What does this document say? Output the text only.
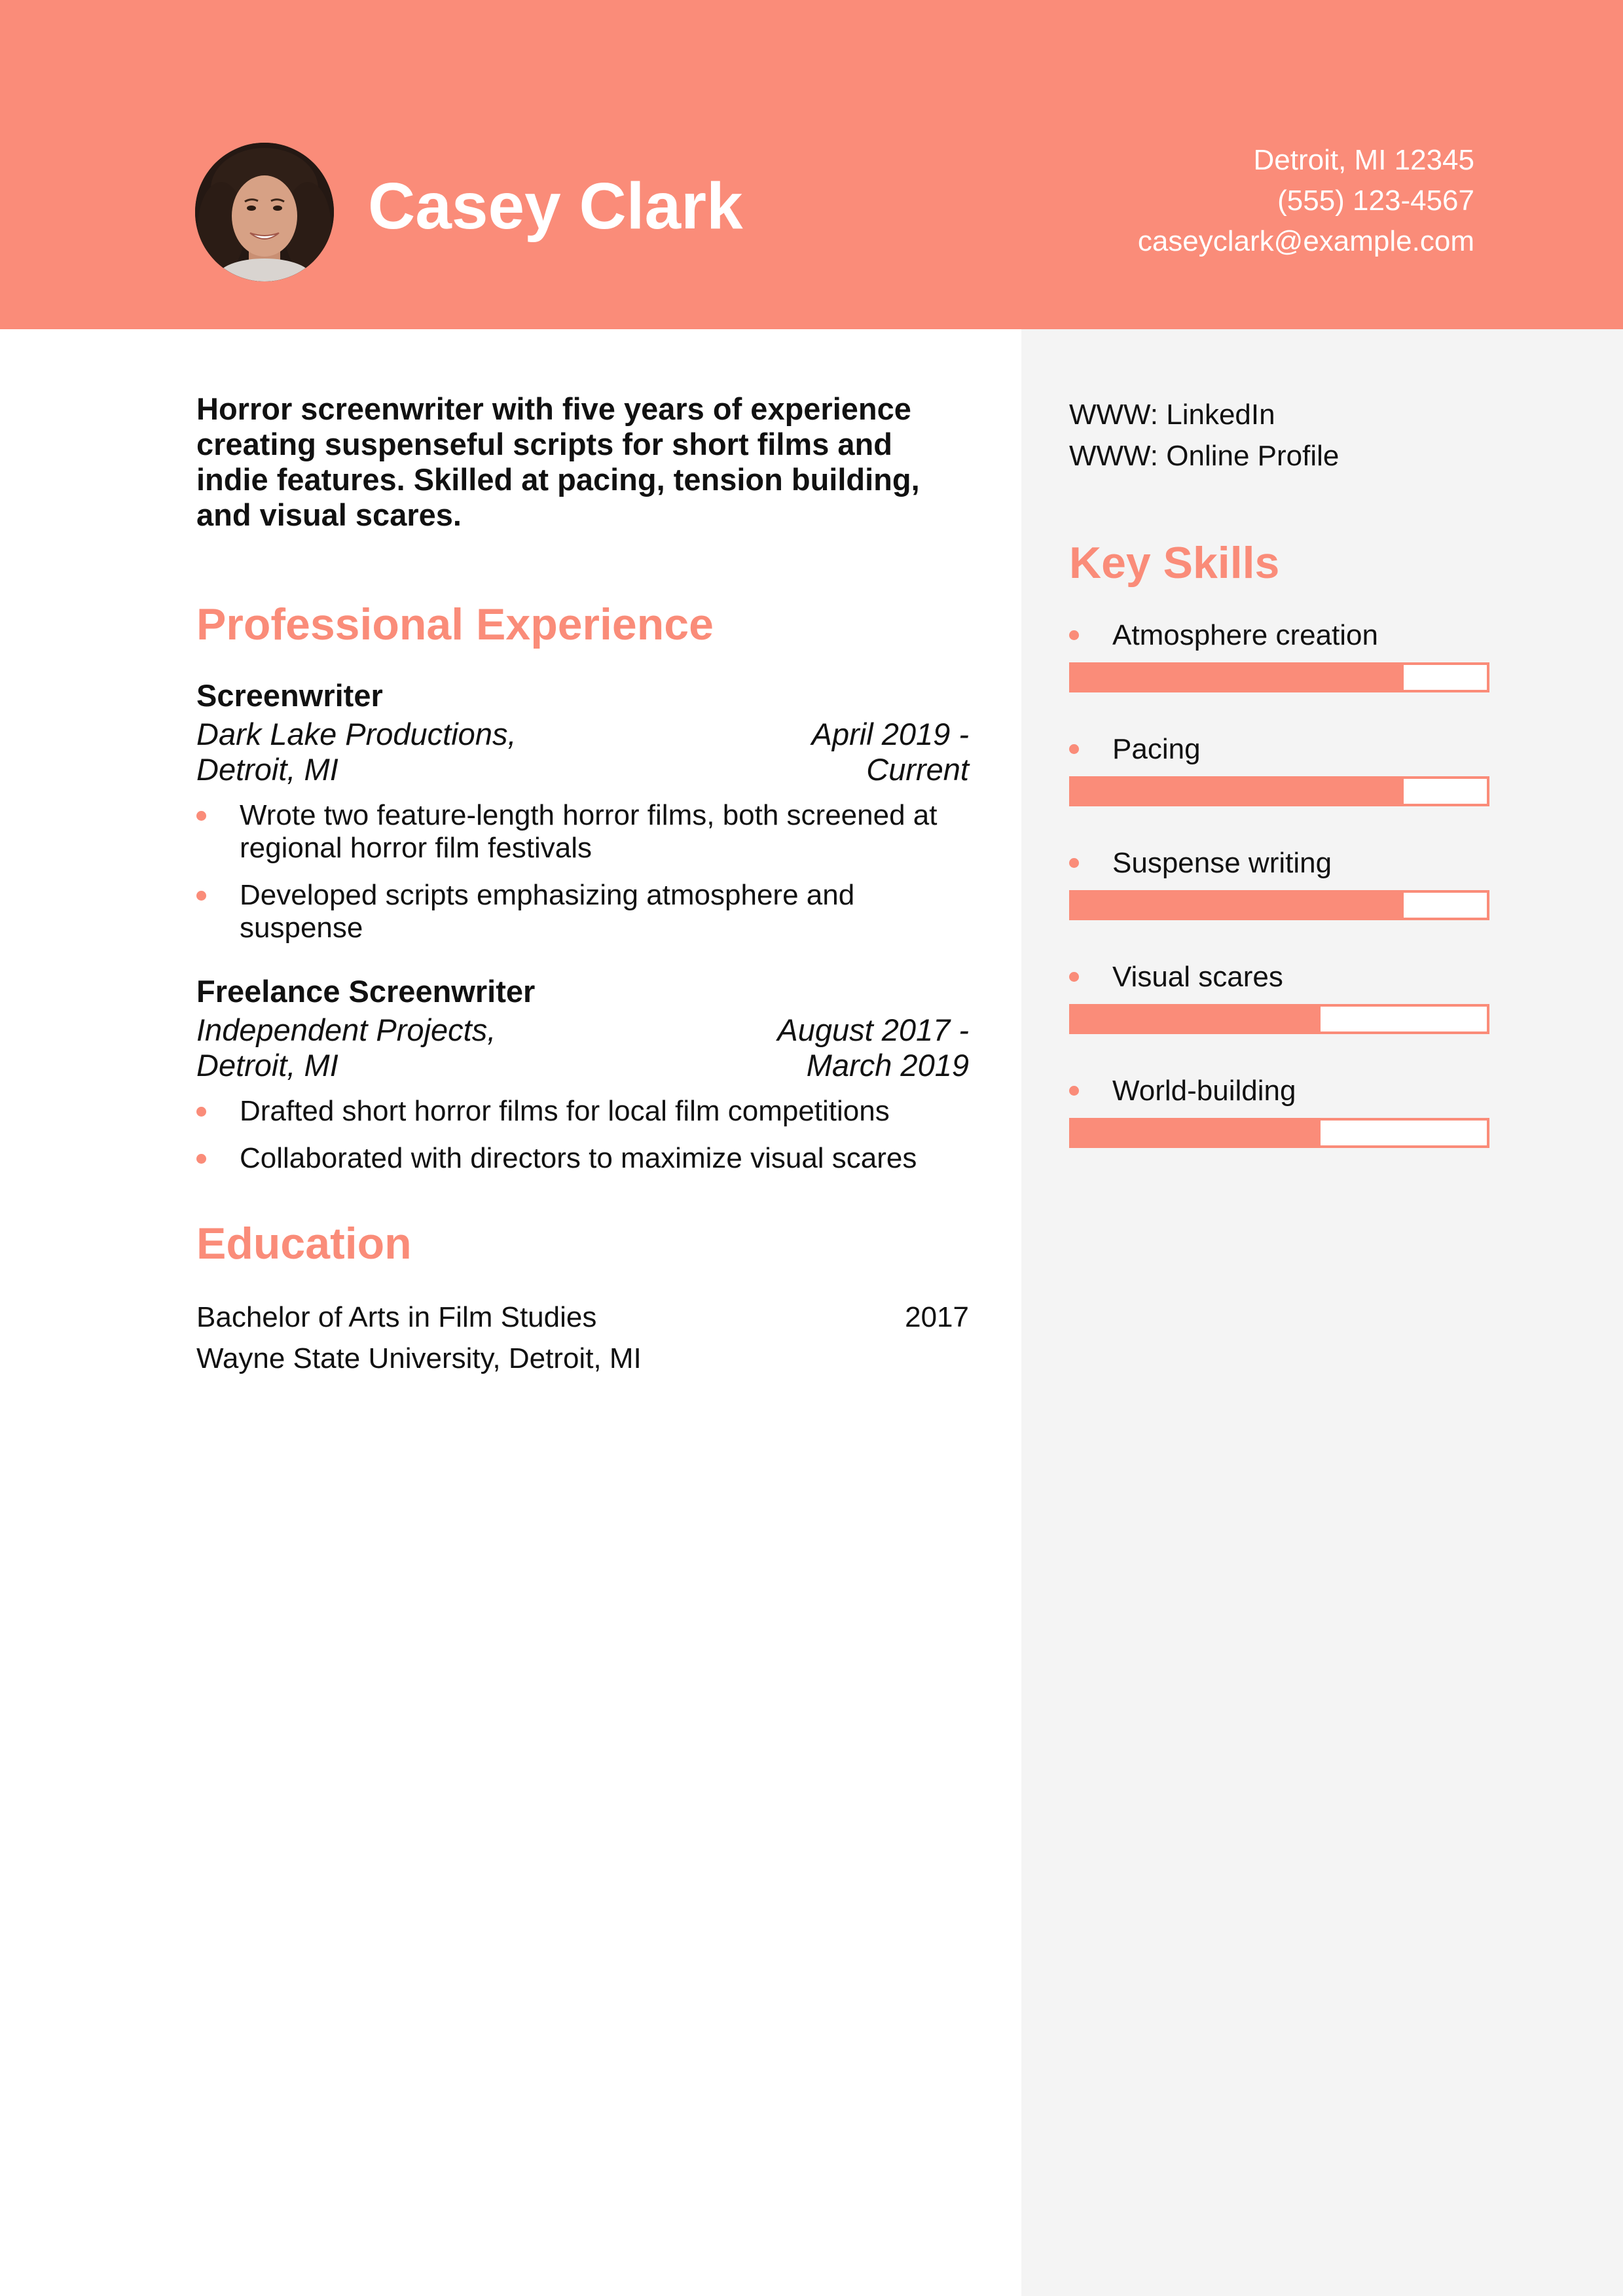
Casey Clark
Detroit, MI 12345
(555) 123-4567
caseyclark@example.com
WWW: LinkedIn
WWW: Online Profile
Key Skills
Atmosphere creation
Pacing
Suspense writing
Visual scares
World-building

Horror screenwriter with five years of experience creating suspenseful scripts for short films and indie features. Skilled at pacing, tension building, and visual scares.

Professional Experience
Screenwriter
Dark Lake Productions, Detroit, MI
April 2019 - Current
Wrote two feature-length horror films, both screened at regional horror film festivals
Developed scripts emphasizing atmosphere and suspense
Freelance Screenwriter
Independent Projects, Detroit, MI
August 2017 - March 2019
Drafted short horror films for local film competitions
Collaborated with directors to maximize visual scares
Education
Bachelor of Arts in Film Studies	2017
Wayne State University, Detroit, MI
